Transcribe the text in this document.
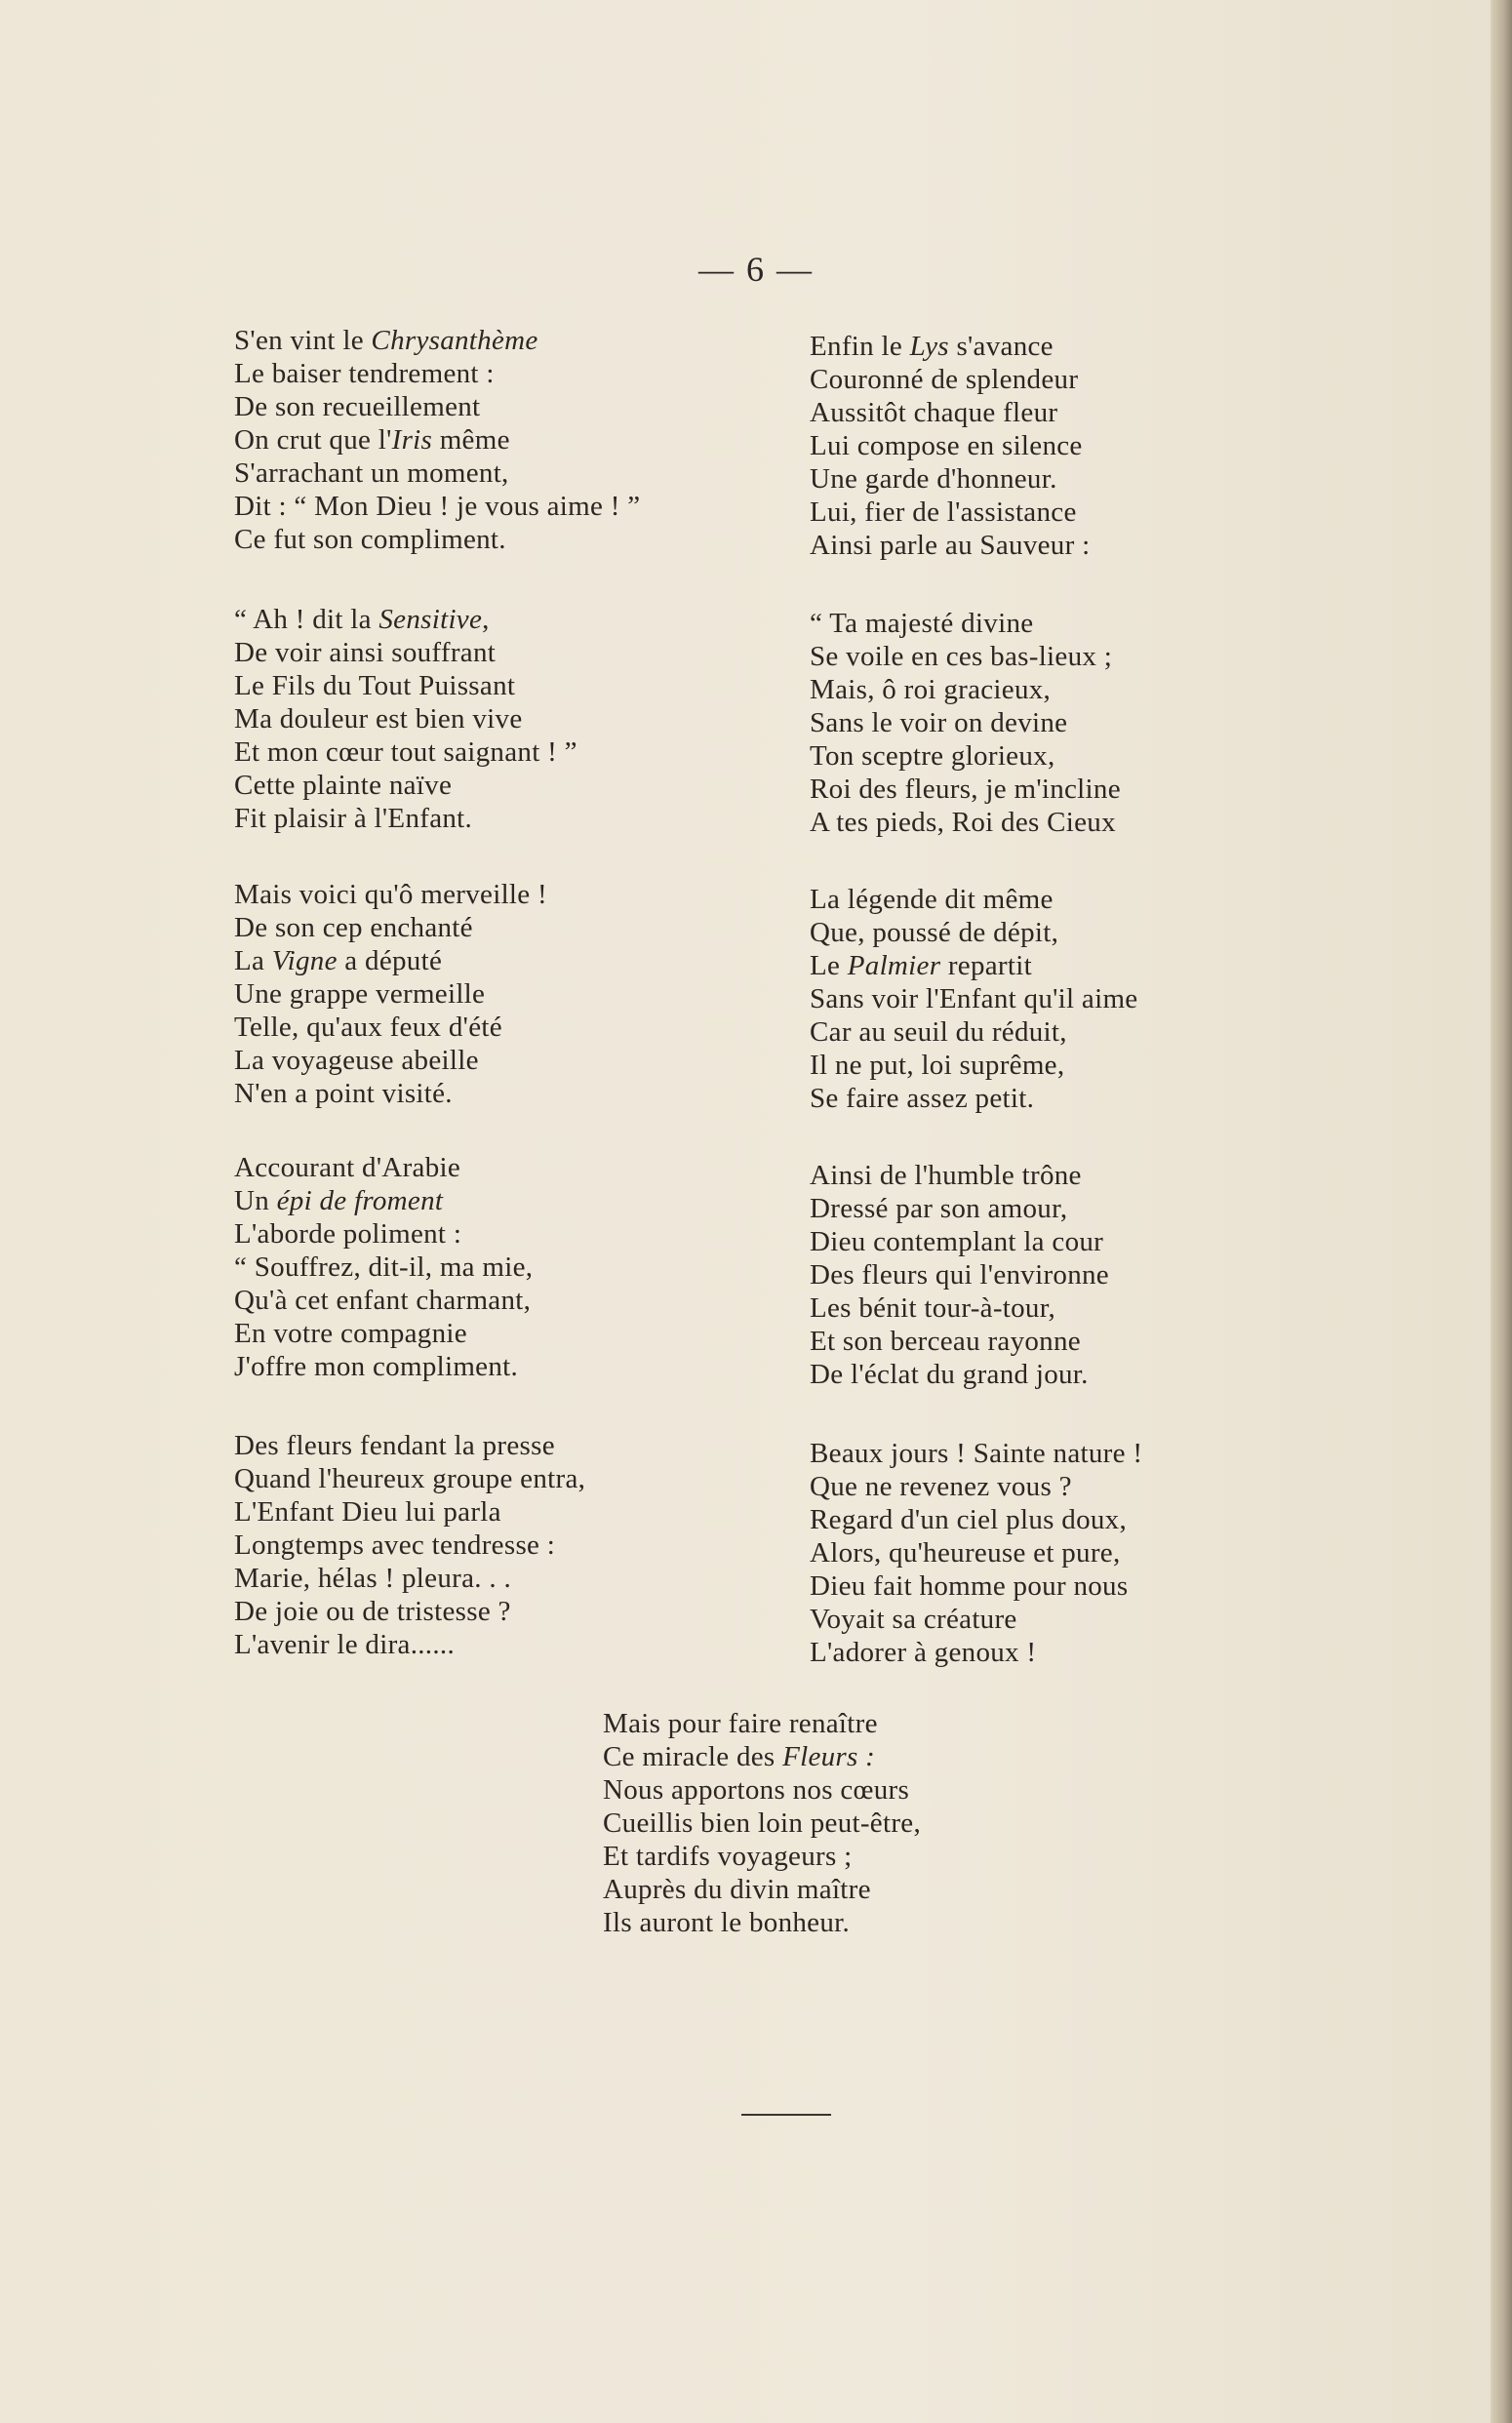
— 6 —
S'en vint le Chrysanthème
Le baiser tendrement :
De son recueillement
On crut que l'Iris même
S'arrachant un moment,
Dit : “ Mon Dieu ! je vous aime ! ”
Ce fut son compliment.
“ Ah ! dit la Sensitive,
De voir ainsi souffrant
Le Fils du Tout Puissant
Ma douleur est bien vive
Et mon cœur tout saignant ! ”
Cette plainte naïve
Fit plaisir à l'Enfant.
Mais voici qu'ô merveille !
De son cep enchanté
La Vigne a député
Une grappe vermeille
Telle, qu'aux feux d'été
La voyageuse abeille
N'en a point visité.
Accourant d'Arabie
Un épi de froment
L'aborde poliment :
“ Souffrez, dit-il, ma mie,
Qu'à cet enfant charmant,
En votre compagnie
J'offre mon compliment.
Des fleurs fendant la presse
Quand l'heureux groupe entra,
L'Enfant Dieu lui parla
Longtemps avec tendresse :
Marie, hélas ! pleura. . .
De joie ou de tristesse ?
L'avenir le dira......
Enfin le Lys s'avance
Couronné de splendeur
Aussitôt chaque fleur
Lui compose en silence
Une garde d'honneur.
Lui, fier de l'assistance
Ainsi parle au Sauveur :
“ Ta majesté divine
Se voile en ces bas-lieux ;
Mais, ô roi gracieux,
Sans le voir on devine
Ton sceptre glorieux,
Roi des fleurs, je m'incline
A tes pieds, Roi des Cieux
La légende dit même
Que, poussé de dépit,
Le Palmier repartit
Sans voir l'Enfant qu'il aime
Car au seuil du réduit,
Il ne put, loi suprême,
Se faire assez petit.
Ainsi de l'humble trône
Dressé par son amour,
Dieu contemplant la cour
Des fleurs qui l'environne
Les bénit tour-à-tour,
Et son berceau rayonne
De l'éclat du grand jour.
Beaux jours ! Sainte nature !
Que ne revenez vous ?
Regard d'un ciel plus doux,
Alors, qu'heureuse et pure,
Dieu fait homme pour nous
Voyait sa créature
L'adorer à genoux !
Mais pour faire renaître
Ce miracle des Fleurs :
Nous apportons nos cœurs
Cueillis bien loin peut-être,
Et tardifs voyageurs ;
Auprès du divin maître
Ils auront le bonheur.
